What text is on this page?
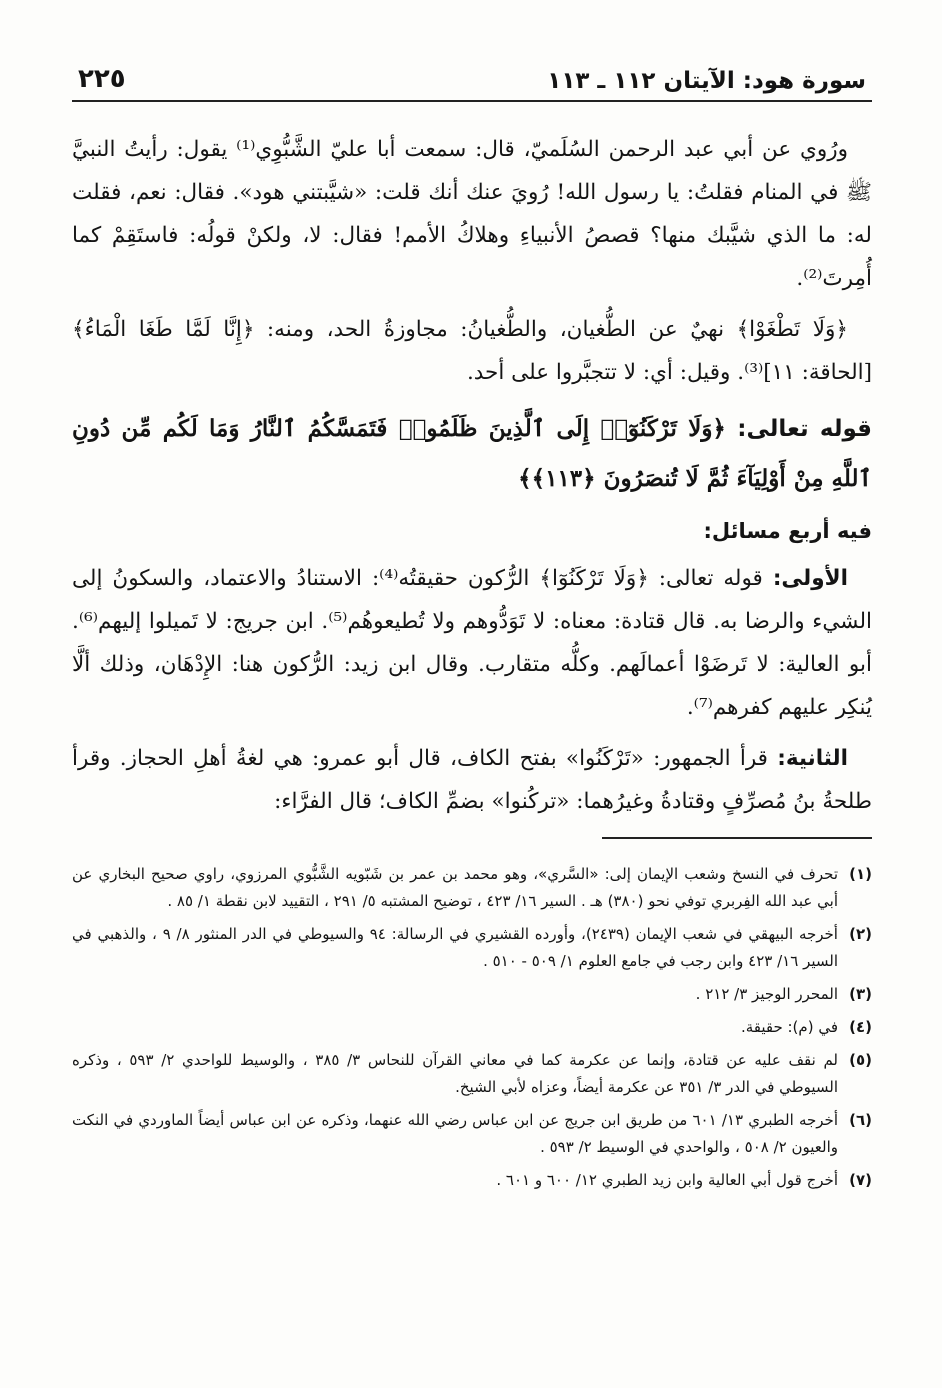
سورة هود: الآيتان ١١٢ ـ ١١٣
٢٢٥

ورُوي عن أبي عبد الرحمن السُلَميّ، قال: سمعت أبا عليّ الشَّبُّوِي⁽¹⁾ يقول: رأيتُ النبيَّ ﷺ في المنام فقلتُ: يا رسول الله! رُويَ عنك أنك قلت: «شيَّبتني هود». فقال: نعم، فقلت له: ما الذي شيَّبك منها؟ قصصُ الأنبياءِ وهلاكُ الأمم! فقال: لا، ولكنْ قولُه: فاستَقِمْ كما أُمِرتَ⁽²⁾.

﴿وَلَا تَطْغَوْا﴾ نهيٌ عن الطُّغيان، والطُّغيانُ: مجاوزةُ الحد، ومنه: ﴿إِنَّا لَمَّا طَغَا الْمَاءُ﴾ [الحاقة: ١١]⁽³⁾. وقيل: أي: لا تتجبَّروا على أحد.

قوله تعالى: ﴿وَلَا تَرْكَنُوٓا۟ إِلَى ٱلَّذِينَ ظَلَمُوا۟ فَتَمَسَّكُمُ ٱلنَّارُ وَمَا لَكُم مِّن دُونِ ٱللَّهِ مِنْ أَوْلِيَآءَ ثُمَّ لَا تُنصَرُونَ ﴿١١٣﴾﴾
فيه أربع مسائل:

الأولى: قوله تعالى: ﴿وَلَا تَرْكَنُوٓا﴾ الرُّكون حقيقتُه⁽⁴⁾: الاستنادُ والاعتماد، والسكونُ إلى الشيء والرضا به. قال قتادة: معناه: لا تَوَدُّوهم ولا تُطيعوهُم⁽⁵⁾. ابن جريج: لا تَميلوا إليهم⁽⁶⁾. أبو العالية: لا تَرضَوْا أعمالَهم. وكلُّه متقارب. وقال ابن زيد: الرُّكون هنا: الإِدْهَان، وذلك ألَّا يُنكِر عليهم كفرهم⁽⁷⁾.

الثانية: قرأ الجمهور: «تَرْكَنُوا» بفتح الكاف، قال أبو عمرو: هي لغةُ أهلِ الحجاز. وقرأ طلحةُ بنُ مُصرِّفٍ وقتادةُ وغيرُهما: «تركُنوا» بضمِّ الكاف؛ قال الفرَّاء:

(١)
تحرف في النسخ وشعب الإيمان إلى: «السَّري»، وهو محمد بن عمر بن شَبّويه الشَّبُّوي المرزوي، راوي صحيح البخاري عن أبي عبد الله الفِربري توفي نحو (٣٨٠) هـ . السير ١٦/ ٤٢٣ ، توضيح المشتبه ٥/ ٢٩١ ، التقييد لابن نقطة ١/ ٨٥ .
(٢)
أخرجه البيهقي في شعب الإيمان (٢٤٣٩)، وأورده القشيري في الرسالة: ٩٤ والسيوطي في الدر المنثور ٨/ ٩ ، والذهبي في السير ١٦/ ٤٢٣ وابن رجب في جامع العلوم ١/ ٥٠٩ - ٥١٠ .
(٣)
المحرر الوجيز ٣/ ٢١٢ .
(٤)
في (م): حقيقة.
(٥)
لم نقف عليه عن قتادة، وإنما عن عكرمة كما في معاني القرآن للنحاس ٣/ ٣٨٥ ، والوسيط للواحدي ٢/ ٥٩٣ ، وذكره السيوطي في الدر ٣/ ٣٥١ عن عكرمة أيضاً، وعزاه لأبي الشيخ.
(٦)
أخرجه الطبري ١٣/ ٦٠١ من طريق ابن جريج عن ابن عباس رضي الله عنهما، وذكره عن ابن عباس أيضاً الماوردي في النكت والعيون ٢/ ٥٠٨ ، والواحدي في الوسيط ٢/ ٥٩٣ .
(٧)
أخرج قول أبي العالية وابن زيد الطبري ١٢/ ٦٠٠ و ٦٠١ .
